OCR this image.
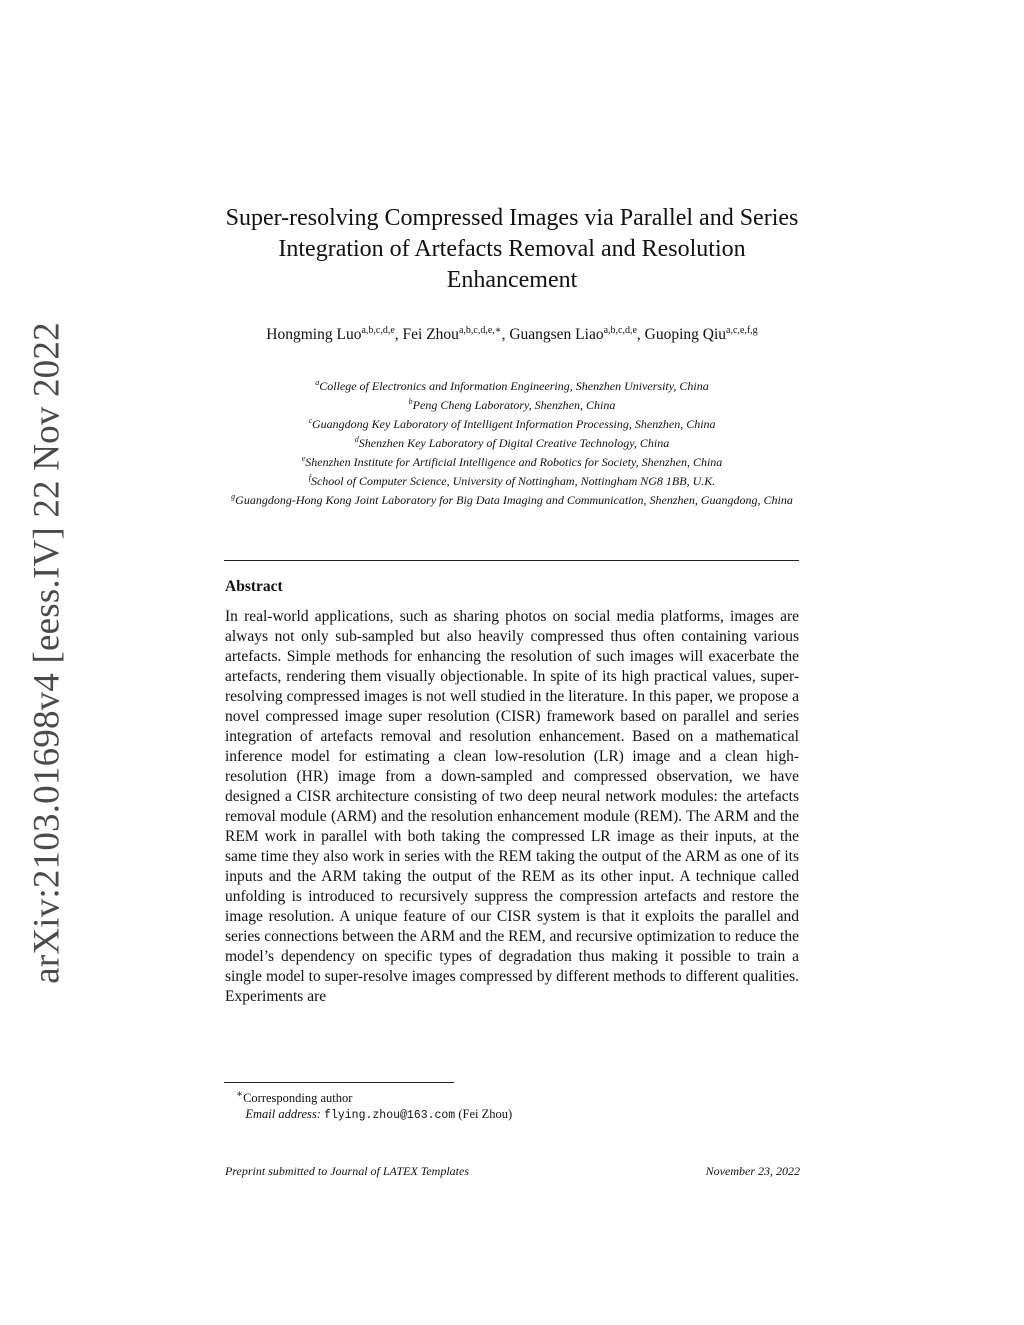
arXiv:2103.01698v4 [eess.IV] 22 Nov 2022
Super-resolving Compressed Images via Parallel and Series Integration of Artefacts Removal and Resolution Enhancement
Hongming Luo$^{a,b,c,d,e}$, Fei Zhou$^{a,b,c,d,e,∗}$, Guangsen Liao$^{a,b,c,d,e}$, Guoping Qiu$^{a,c,e,f,g}$
$^a$College of Electronics and Information Engineering, Shenzhen University, China
$^b$Peng Cheng Laboratory, Shenzhen, China
$^c$Guangdong Key Laboratory of Intelligent Information Processing, Shenzhen, China
$^d$Shenzhen Key Laboratory of Digital Creative Technology, China
$^e$Shenzhen Institute for Artificial Intelligence and Robotics for Society, Shenzhen, China
$^f$School of Computer Science, University of Nottingham, Nottingham NG8 1BB, U.K.
$^g$Guangdong-Hong Kong Joint Laboratory for Big Data Imaging and Communication, Shenzhen, Guangdong, China
Abstract

In real-world applications, such as sharing photos on social media platforms, images are always not only sub-sampled but also heavily compressed thus often containing various artefacts. Simple methods for enhancing the resolution of such images will exacerbate the artefacts, rendering them visually objectionable. In spite of its high practical values, super-resolving compressed images is not well studied in the literature. In this paper, we propose a novel compressed image super resolution (CISR) framework based on parallel and series integration of artefacts removal and resolution enhancement. Based on a mathematical inference model for estimating a clean low-resolution (LR) image and a clean high-resolution (HR) image from a down-sampled and compressed observation, we have designed a CISR architecture consisting of two deep neural network modules: the artefacts removal module (ARM) and the resolution enhancement module (REM). The ARM and the REM work in parallel with both taking the compressed LR image as their inputs, at the same time they also work in series with the REM taking the output of the ARM as one of its inputs and the ARM taking the output of the REM as its other input. A technique called unfolding is introduced to recursively suppress the compression artefacts and restore the image resolution. A unique feature of our CISR system is that it exploits the parallel and series connections between the ARM and the REM, and recursive optimization to reduce the model’s dependency on specific types of degradation thus making it possible to train a single model to super-resolve images compressed by different methods to different qualities. Experiments are

∗Corresponding author
Email address: flying.zhou@163.com (Fei Zhou)
Preprint submitted to Journal of LATEX Templates	November 23, 2022
